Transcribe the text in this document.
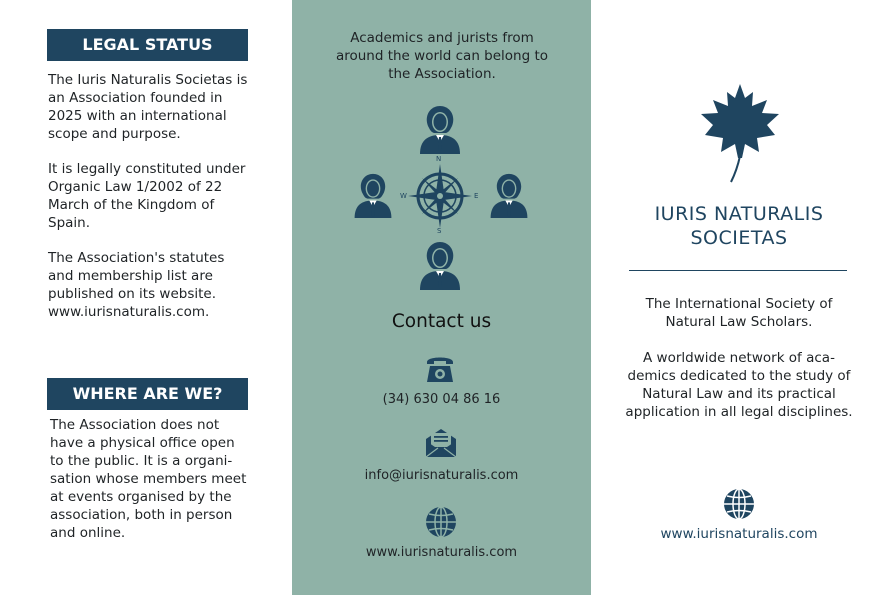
LEGAL STATUS

The Iuris Naturalis Societas is an Association founded in 2025 with an international scope and purpose.

It is legally constituted under Organic Law 1/2002 of 22 March of the Kingdom of Spain.

The Association's statutes and membership list are published on its website. www.iurisnaturalis.com.

WHERE ARE WE?

The Association does not have a physical office open to the public. It is a organi-sation whose members meet at events organised by the association, both in person and online.

Academics and jurists from around the world can belong to the Association.
N
S
W	E
Contact us
(34) 630 04 86 16
info@iurisnaturalis.com
www.iurisnaturalis.com
IURIS NATURALIS
SOCIETAS

The International Society of Natural Law Scholars.

A worldwide network of aca-demics dedicated to the study of Natural Law and its practical application in all legal disciplines.

www.iurisnaturalis.com
